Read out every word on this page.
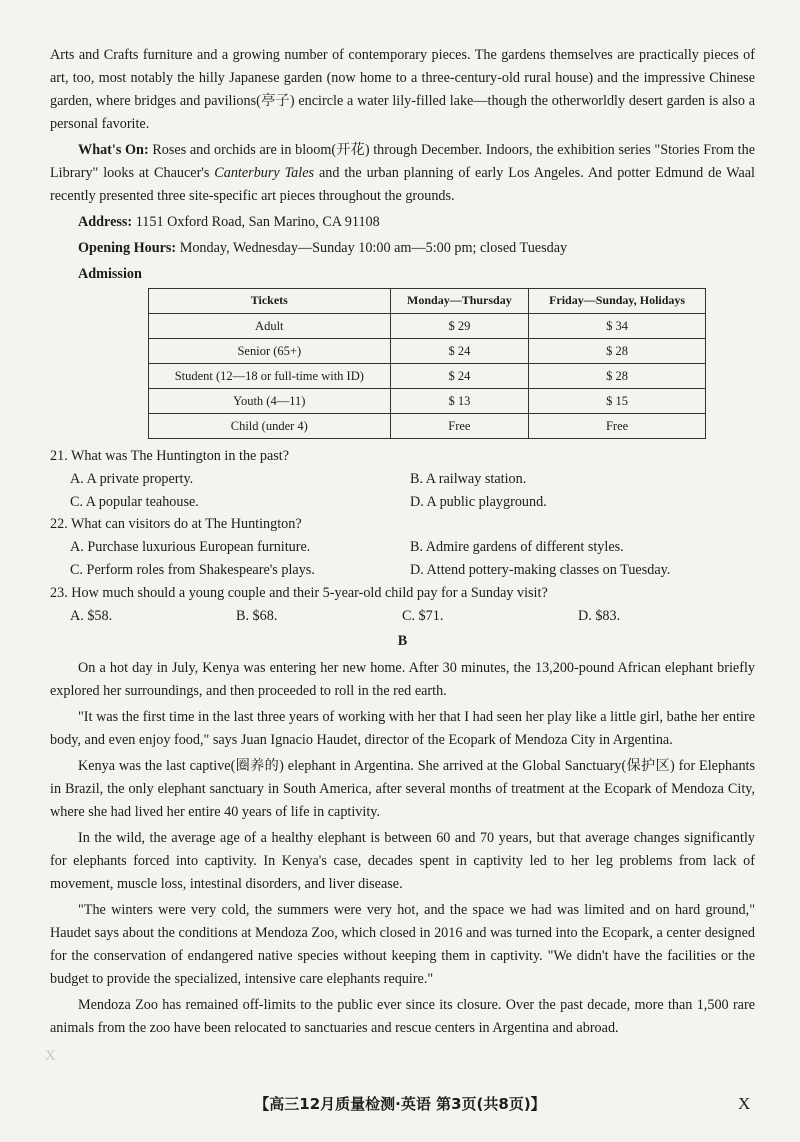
Arts and Crafts furniture and a growing number of contemporary pieces. The gardens themselves are practically pieces of art, too, most notably the hilly Japanese garden (now home to a three-century-old rural house) and the impressive Chinese garden, where bridges and pavilions(亭子) encircle a water lily-filled lake—though the otherworldly desert garden is also a personal favorite.

What's On: Roses and orchids are in bloom(开花) through December. Indoors, the exhibition series "Stories From the Library" looks at Chaucer's Canterbury Tales and the urban planning of early Los Angeles. And potter Edmund de Waal recently presented three site-specific art pieces throughout the grounds.

Address: 1151 Oxford Road, San Marino, CA 91108

Opening Hours: Monday, Wednesday—Sunday 10:00 am—5:00 pm; closed Tuesday

Admission
Tickets	Monday—Thursday	Friday—Sunday, Holidays
Adult	$ 29	$ 34
Senior (65+)	$ 24	$ 28
Student (12—18 or full-time with ID)	$ 24	$ 28
Youth (4—11)	$ 13	$ 15
Child (under 4)	Free	Free

21. What was The Huntington in the past?

A. A private property.	B. A railway station.

C. A popular teahouse.	D. A public playground.

22. What can visitors do at The Huntington?

A. Purchase luxurious European furniture.	B. Admire gardens of different styles.

C. Perform roles from Shakespeare's plays.	D. Attend pottery-making classes on Tuesday.

23. How much should a young couple and their 5-year-old child pay for a Sunday visit?

A. $58.	B. $68.	C. $71.	D. $83.

B

On a hot day in July, Kenya was entering her new home. After 30 minutes, the 13,200-pound African elephant briefly explored her surroundings, and then proceeded to roll in the red earth.

"It was the first time in the last three years of working with her that I had seen her play like a little girl, bathe her entire body, and even enjoy food," says Juan Ignacio Haudet, director of the Ecopark of Mendoza City in Argentina.

Kenya was the last captive(圈养的) elephant in Argentina. She arrived at the Global Sanctuary(保护区) for Elephants in Brazil, the only elephant sanctuary in South America, after several months of treatment at the Ecopark of Mendoza City, where she had lived her entire 40 years of life in captivity.

In the wild, the average age of a healthy elephant is between 60 and 70 years, but that average changes significantly for elephants forced into captivity. In Kenya's case, decades spent in captivity led to her leg problems from lack of movement, muscle loss, intestinal disorders, and liver disease.

"The winters were very cold, the summers were very hot, and the space we had was limited and on hard ground," Haudet says about the conditions at Mendoza Zoo, which closed in 2016 and was turned into the Ecopark, a center designed for the conservation of endangered native species without keeping them in captivity. "We didn't have the facilities or the budget to provide the specialized, intensive care elephants require."

Mendoza Zoo has remained off-limits to the public ever since its closure. Over the past decade, more than 1,500 rare animals from the zoo have been relocated to sanctuaries and rescue centers in Argentina and abroad.

X
【高三12月质量检测·英语 第3页(共8页)】	X
